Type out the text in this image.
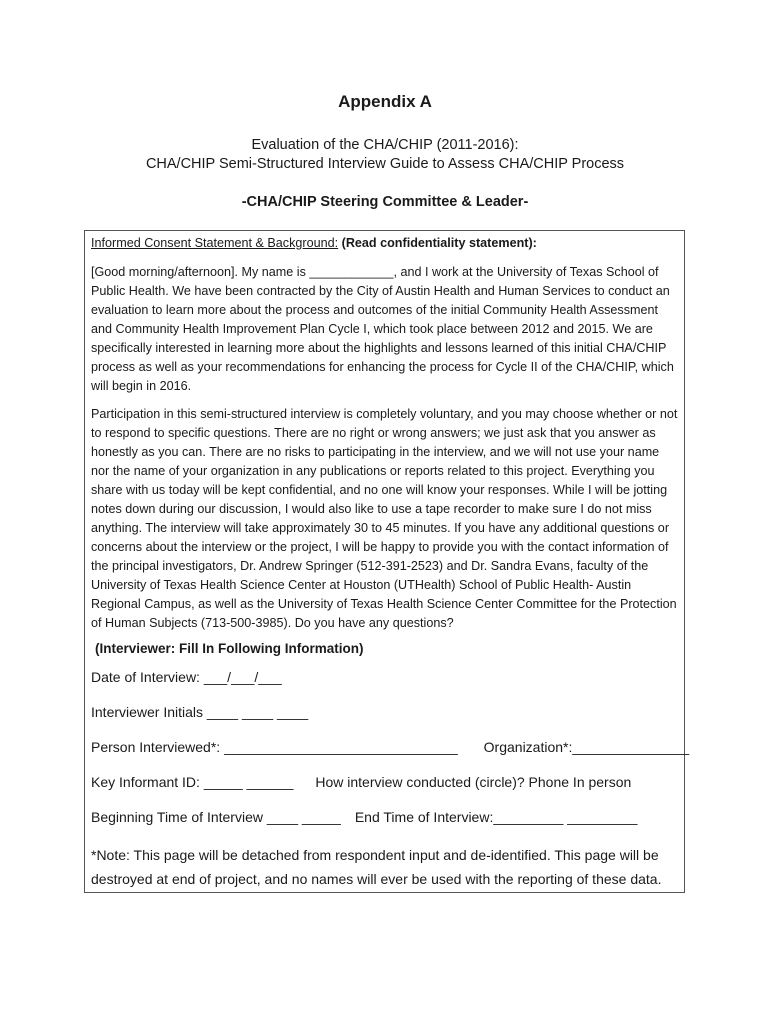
Appendix A
Evaluation of the CHA/CHIP (2011-2016):
CHA/CHIP Semi-Structured Interview Guide to Assess CHA/CHIP Process
-CHA/CHIP Steering Committee & Leader-
Informed Consent Statement & Background: (Read confidentiality statement):
[Good morning/afternoon]. My name is ____________, and I work at the University of Texas School of Public Health. We have been contracted by the City of Austin Health and Human Services to conduct an evaluation to learn more about the process and outcomes of the initial Community Health Assessment and Community Health Improvement Plan Cycle I, which took place between 2012 and 2015. We are specifically interested in learning more about the highlights and lessons learned of this initial CHA/CHIP process as well as your recommendations for enhancing the process for Cycle II of the CHA/CHIP, which will begin in 2016.
Participation in this semi-structured interview is completely voluntary, and you may choose whether or not to respond to specific questions. There are no right or wrong answers; we just ask that you answer as honestly as you can. There are no risks to participating in the interview, and we will not use your name nor the name of your organization in any publications or reports related to this project. Everything you share with us today will be kept confidential, and no one will know your responses. While I will be jotting notes down during our discussion, I would also like to use a tape recorder to make sure I do not miss anything. The interview will take approximately 30 to 45 minutes. If you have any additional questions or concerns about the interview or the project, I will be happy to provide you with the contact information of the principal investigators, Dr. Andrew Springer (512-391-2523) and Dr. Sandra Evans, faculty of the University of Texas Health Science Center at Houston (UTHealth) School of Public Health- Austin Regional Campus, as well as the University of Texas Health Science Center Committee for the Protection of Human Subjects (713-500-3985). Do you have any questions?
(Interviewer: Fill In Following Information)
Date of Interview: ___/___/___
Interviewer Initials ____ ____ ____
Person Interviewed*: ______________________________ Organization*:_______________
Key Informant ID: _____ ______ How interview conducted (circle)? Phone In person
Beginning Time of Interview ____ _____ End Time of Interview:_________ _________
*Note: This page will be detached from respondent input and de-identified. This page will be destroyed at end of project, and no names will ever be used with the reporting of these data.
